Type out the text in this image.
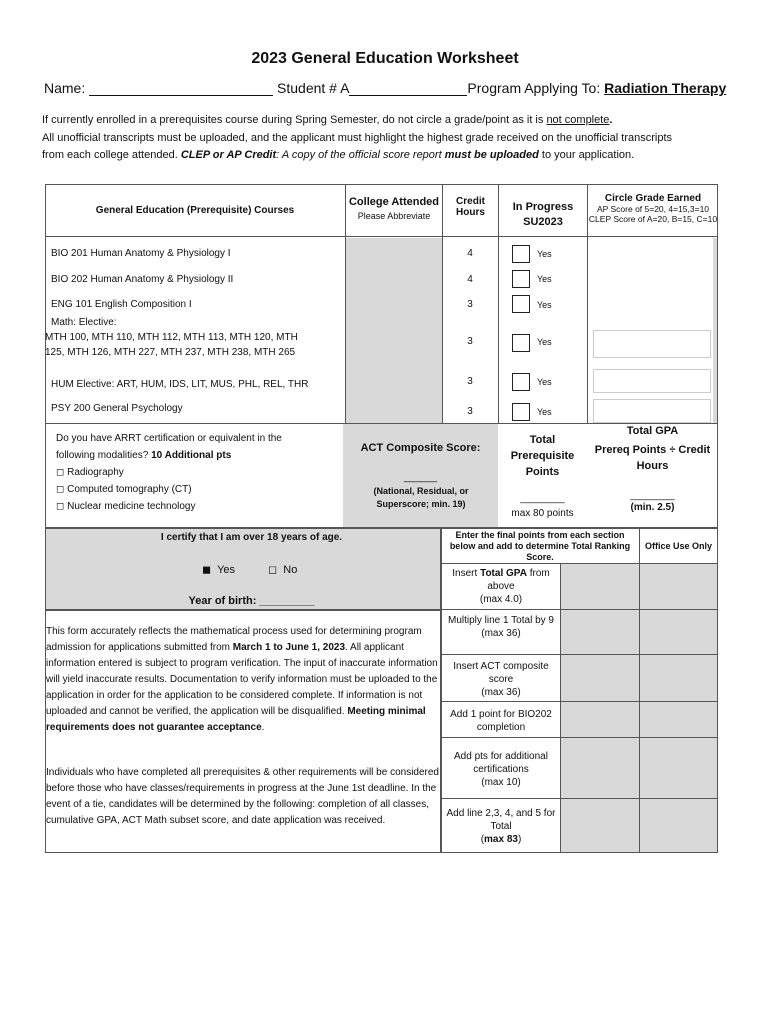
2023 General Education Worksheet
Name:	Student # A	Program Applying To: Radiation Therapy
If currently enrolled in a prerequisites course during Spring Semester, do not circle a grade/point as it is not complete.
All unofficial transcripts must be uploaded, and the applicant must highlight the highest grade received on the unofficial transcripts from each college attended. CLEP or AP Credit: A copy of the official score report must be uploaded to your application.
General Education (Prerequisite) Courses
College Attended
Please Abbreviate
Credit Hours	In Progress SU2023
Circle Grade Earned
AP Score of 5=20, 4=15,3=10
CLEP Score of A=20, B=15, C=10
BIO 201 Human Anatomy & Physiology I	4	Yes
BIO 202 Human Anatomy & Physiology II	4	Yes
ENG 101 English Composition I	3	Yes
Math: Elective:
MTH 100, MTH 110, MTH 112, MTH 113, MTH 120, MTH
125, MTH 126, MTH 227, MTH 237, MTH 238, MTH 265
3	Yes
HUM Elective: ART, HUM, IDS, LIT, MUS, PHL, REL, THR	3	Yes
PSY 200 General Psychology	3	Yes
Do you have ARRT certification or equivalent in the
following modalities? 10 Additional pts
◻ Radiography
◻ Computed tomography (CT)
◻ Nuclear medicine technology
ACT Composite Score:
______
(National, Residual, or Superscore; min. 19)
Total Prerequisite Points
________
max 80 points
Total GPA
Prereq Points ÷ Credit Hours
________
(min. 2.5)
I certify that I am over 18 years of age.
◼ Yes	◻ No
Year of birth: _________
This form accurately reflects the mathematical process used for determining program admission for applications submitted from March 1 to June 1, 2023. All applicant information entered is subject to program verification. The input of inaccurate information will yield inaccurate results. Documentation to verify information must be uploaded to the application in order for the application to be considered complete. If information is not uploaded and cannot be verified, the application will be disqualified. Meeting minimal requirements does not guarantee acceptance.
Individuals who have completed all prerequisites & other requirements will be considered before those who have classes/requirements in progress at the June 1st deadline. In the event of a tie, candidates will be determined by the following: completion of all classes, cumulative GPA, ACT Math subset score, and date application was received.
Enter the final points from each section below and add to determine Total Ranking Score.
Office Use Only
Insert Total GPA from above
(max 4.0)
Multiply line 1 Total by 9
(max 36)
Insert ACT composite score
(max 36)
Add 1 point for BIO202 completion
Add pts for additional certifications
(max 10)
Add line 2,3, 4, and 5 for Total
(max 83)
